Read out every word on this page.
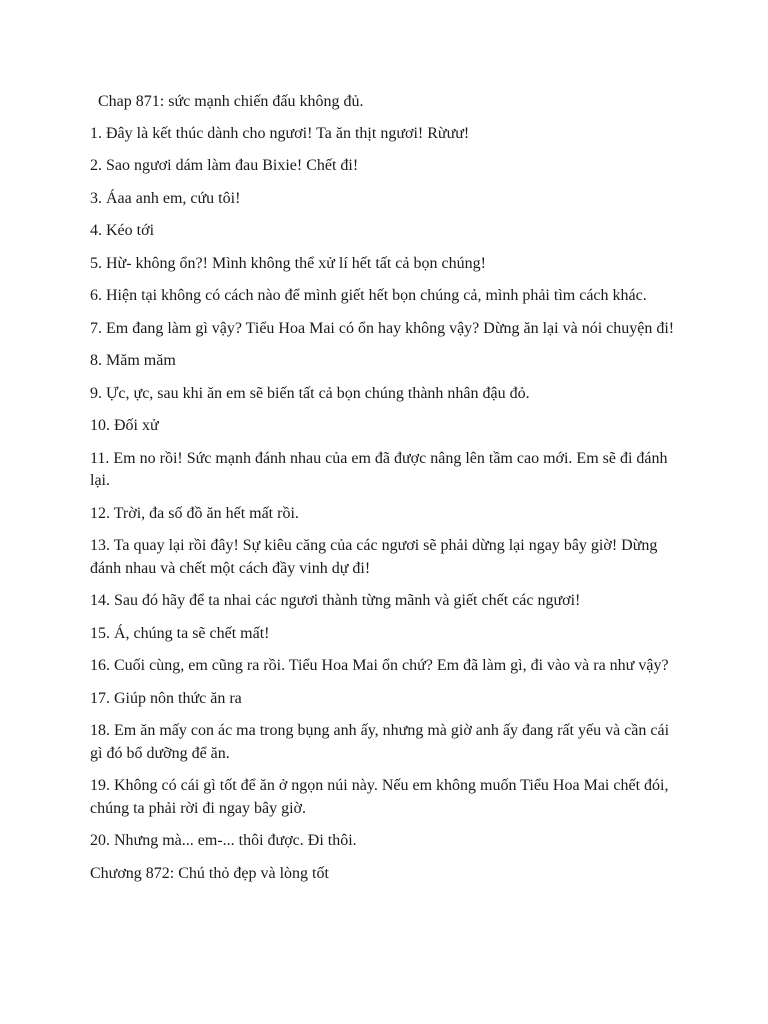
Chap 871: sức mạnh chiến đấu không đủ.

1. Đây là kết thúc dành cho ngươi! Ta ăn thịt ngươi! Rừưư!

2. Sao ngươi dám làm đau Bixie! Chết đi!

3. Áaa anh em, cứu tôi!

4. Kéo tới

5. Hừ- không ổn?! Mình không thể xử lí hết tất cả bọn chúng!

6. Hiện tại không có cách nào để mình giết hết bọn chúng cả, mình phải tìm cách khác.

7. Em đang làm gì vậy? Tiểu Hoa Mai có ổn hay không vậy? Dừng ăn lại và nói chuyện đi!

8. Măm măm

9. Ực, ực, sau khi ăn em sẽ biến tất cả bọn chúng thành nhân đậu đỏ.

10. Đối xử

11. Em no rồi! Sức mạnh đánh nhau của em đã được nâng lên tầm cao mới. Em sẽ đi đánh lại.

12. Trời, đa số đồ ăn hết mất rồi.

13. Ta quay lại rồi đây! Sự kiêu căng của các ngươi sẽ phải dừng lại ngay bây giờ! Dừng đánh nhau và chết một cách đầy vinh dự đi!

14. Sau đó hãy để ta nhai các ngươi thành từng mãnh và giết chết các ngươi!

15. Á, chúng ta sẽ chết mất!

16. Cuối cùng, em cũng ra rồi. Tiểu Hoa Mai ổn chứ? Em đã làm gì, đi vào và ra như vậy?

17. Giúp nôn thức ăn ra

18. Em ăn mấy con ác ma trong bụng anh ấy, nhưng mà giờ anh ấy đang rất yếu và cần cái gì đó bổ dưỡng để ăn.

19. Không có cái gì tốt để ăn ở ngọn núi này. Nếu em không muốn Tiểu Hoa Mai chết đói, chúng ta phải rời đi ngay bây giờ.

20. Nhưng mà... em-... thôi được. Đi thôi.

Chương 872: Chú thỏ đẹp và lòng tốt
